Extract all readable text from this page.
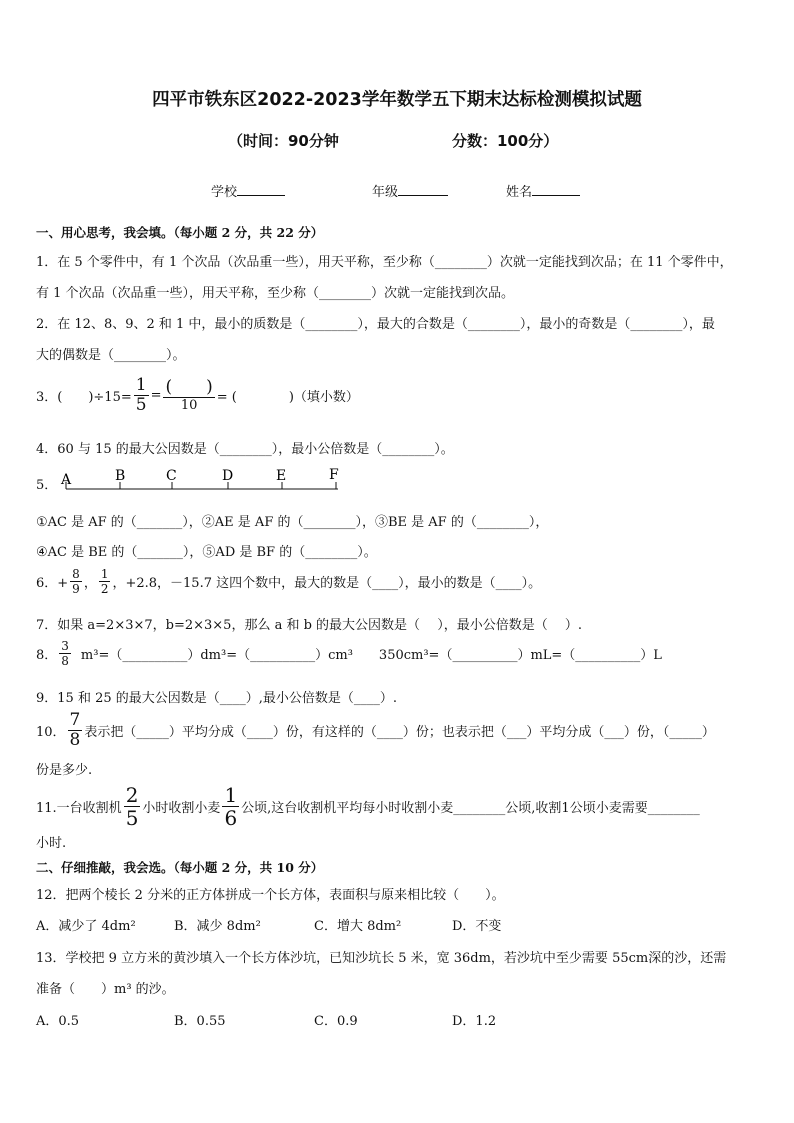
四平市铁东区2022-2023学年数学五下期末达标检测模拟试题
（时间：90分钟	分数：100分）
学校	年级	姓名
一、用心思考，我会填。（每小题 2 分，共 22 分）
1．在 5 个零件中，有 1 个次品（次品重一些），用天平称，至少称（________）次就一定能找到次品；在 11 个零件中，
有 1 个次品（次品重一些），用天平称，至少称（________）次就一定能找到次品。
2．在 12、8、9、2 和 1 中，最小的质数是（________），最大的合数是（________），最小的奇数是（________），最
大的偶数是（________）。
3．(　　)$\div 15= \frac{1}{5} = \frac{( )}{10}$ = (　　　　)（填小数）
4．60 与 15 的最大公因数是（________），最小公倍数是（________）。
5． A	B	C	D	E	F
①AC 是 AF 的（_______），②AE 是 AF 的（________），③BE 是 AF 的（________），
④AC 是 BE 的（_______），⑤AD 是 BF 的（________）。
6．+ $\frac{8}{9}$ ， $\frac{1}{2}$ ，+2.8，－15.7 这四个数中，最大的数是（____），最小的数是（____）。
7．如果 a=2×3×7，b=2×3×5，那么 a 和 b 的最大公因数是（　 ），最小公倍数是（　 ）.
8． $\frac{3}{8}$ m³=（__________）dm³=（__________）cm³　　350cm³=（__________）mL=（__________）L
9．15 和 25 的最大公因数是（____）,最小公倍数是（____）.
10． $\frac{7}{8}$ 表示把（_____）平均分成（____）份，有这样的（____）份；也表示把（___）平均分成（___）份，（_____）
份是多少.
11.一台收割机 $\frac{2}{5}$ 小时收割小麦 $\frac{1}{6}$ 公顷,这台收割机平均每小时收割小麦________公顷,收割1公顷小麦需要________
小时.
二、仔细推敲，我会选。（每小题 2 分，共 10 分）
12．把两个棱长 2 分米的正方体拼成一个长方体，表面积与原来相比较（　　）。
A．减少了 4dm²	B．减少 8dm²	C．增大 8dm²	D．不变
13．学校把 9 立方米的黄沙填入一个长方体沙坑，已知沙坑长 5 米，宽 36dm，若沙坑中至少需要 55cm深的沙，还需
准备（　　）m³ 的沙。
A．0.5	B．0.55	C．0.9	D．1.2
